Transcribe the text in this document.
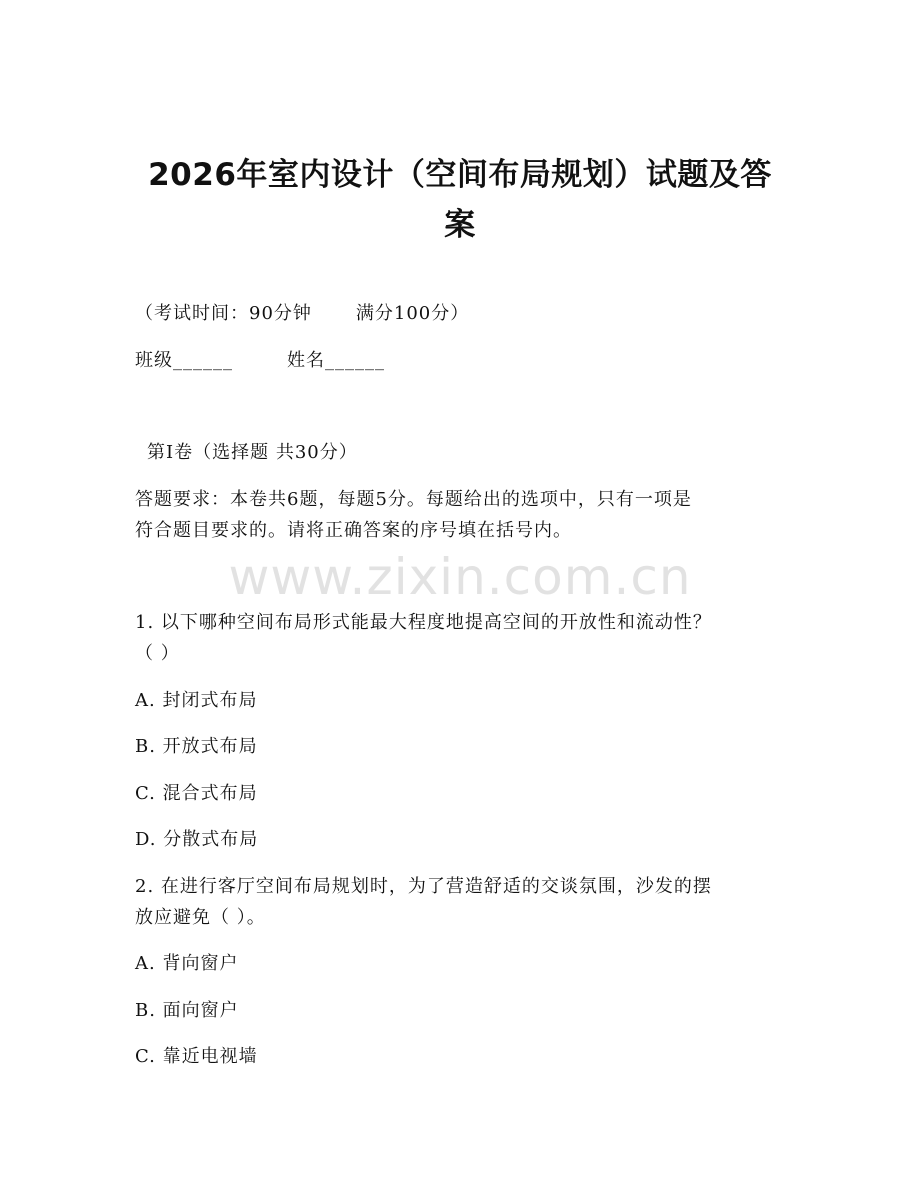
2026年室内设计（空间布局规划）试题及答
案
（考试时间：90分钟 满分100分）
班级______	姓名______
第I卷（选择题 共30分）
答题要求：本卷共6题，每题5分。每题给出的选项中，只有一项是
符合题目要求的。请将正确答案的序号填在括号内。
www.zixin.com.cn
1. 以下哪种空间布局形式能最大程度地提高空间的开放性和流动性？
（ ）
A. 封闭式布局
B. 开放式布局
C. 混合式布局
D. 分散式布局
2. 在进行客厅空间布局规划时，为了营造舒适的交谈氛围，沙发的摆
放应避免（ ）。
A. 背向窗户
B. 面向窗户
C. 靠近电视墙
